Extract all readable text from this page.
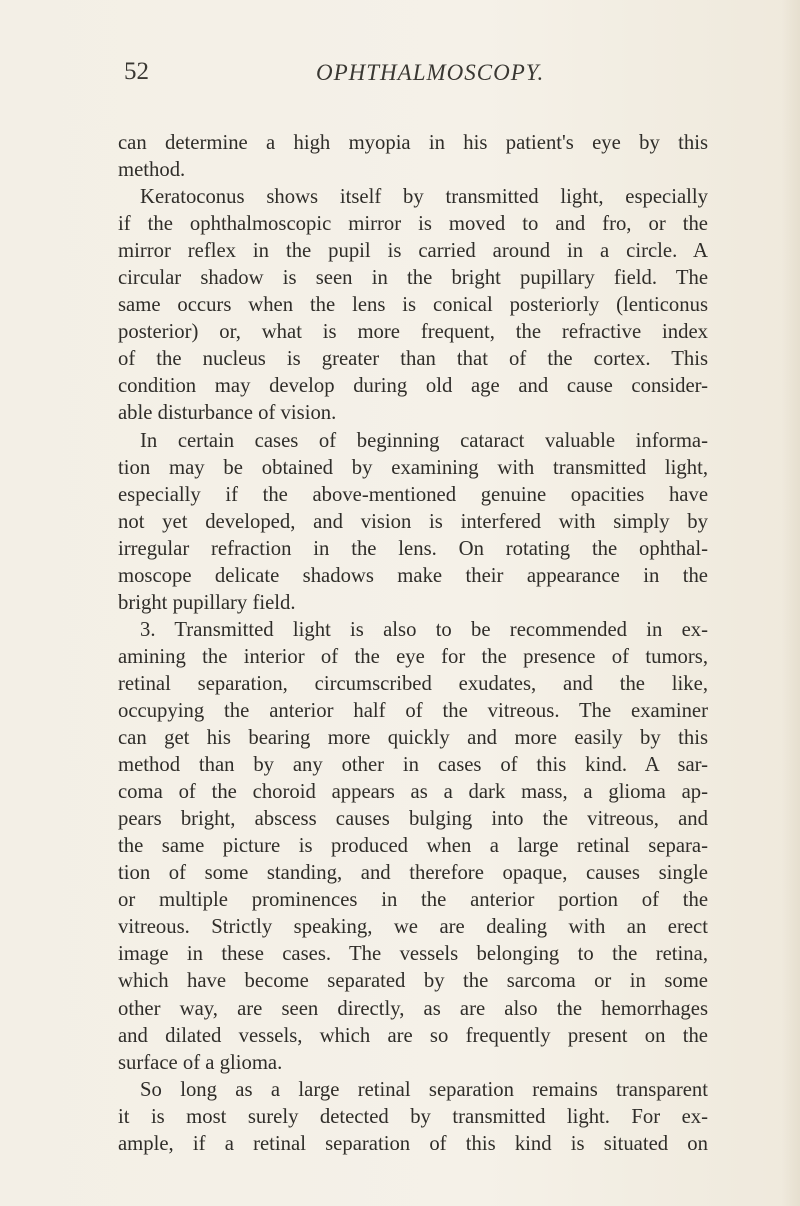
52	OPHTHALMOSCOPY.
can determine a high myopia in his patient's eye by this
method.
Keratoconus shows itself by transmitted light, especially
if the ophthalmoscopic mirror is moved to and fro, or the
mirror reflex in the pupil is carried around in a circle. A
circular shadow is seen in the bright pupillary field. The
same occurs when the lens is conical posteriorly (lenticonus
posterior) or, what is more frequent, the refractive index
of the nucleus is greater than that of the cortex. This
condition may develop during old age and cause consider-
able disturbance of vision.
In certain cases of beginning cataract valuable informa-
tion may be obtained by examining with transmitted light,
especially if the above-mentioned genuine opacities have
not yet developed, and vision is interfered with simply by
irregular refraction in the lens. On rotating the ophthal-
moscope delicate shadows make their appearance in the
bright pupillary field.
3. Transmitted light is also to be recommended in ex-
amining the interior of the eye for the presence of tumors,
retinal separation, circumscribed exudates, and the like,
occupying the anterior half of the vitreous. The examiner
can get his bearing more quickly and more easily by this
method than by any other in cases of this kind. A sar-
coma of the choroid appears as a dark mass, a glioma ap-
pears bright, abscess causes bulging into the vitreous, and
the same picture is produced when a large retinal separa-
tion of some standing, and therefore opaque, causes single
or multiple prominences in the anterior portion of the
vitreous. Strictly speaking, we are dealing with an erect
image in these cases. The vessels belonging to the retina,
which have become separated by the sarcoma or in some
other way, are seen directly, as are also the hemorrhages
and dilated vessels, which are so frequently present on the
surface of a glioma.
So long as a large retinal separation remains transparent
it is most surely detected by transmitted light. For ex-
ample, if a retinal separation of this kind is situated on
